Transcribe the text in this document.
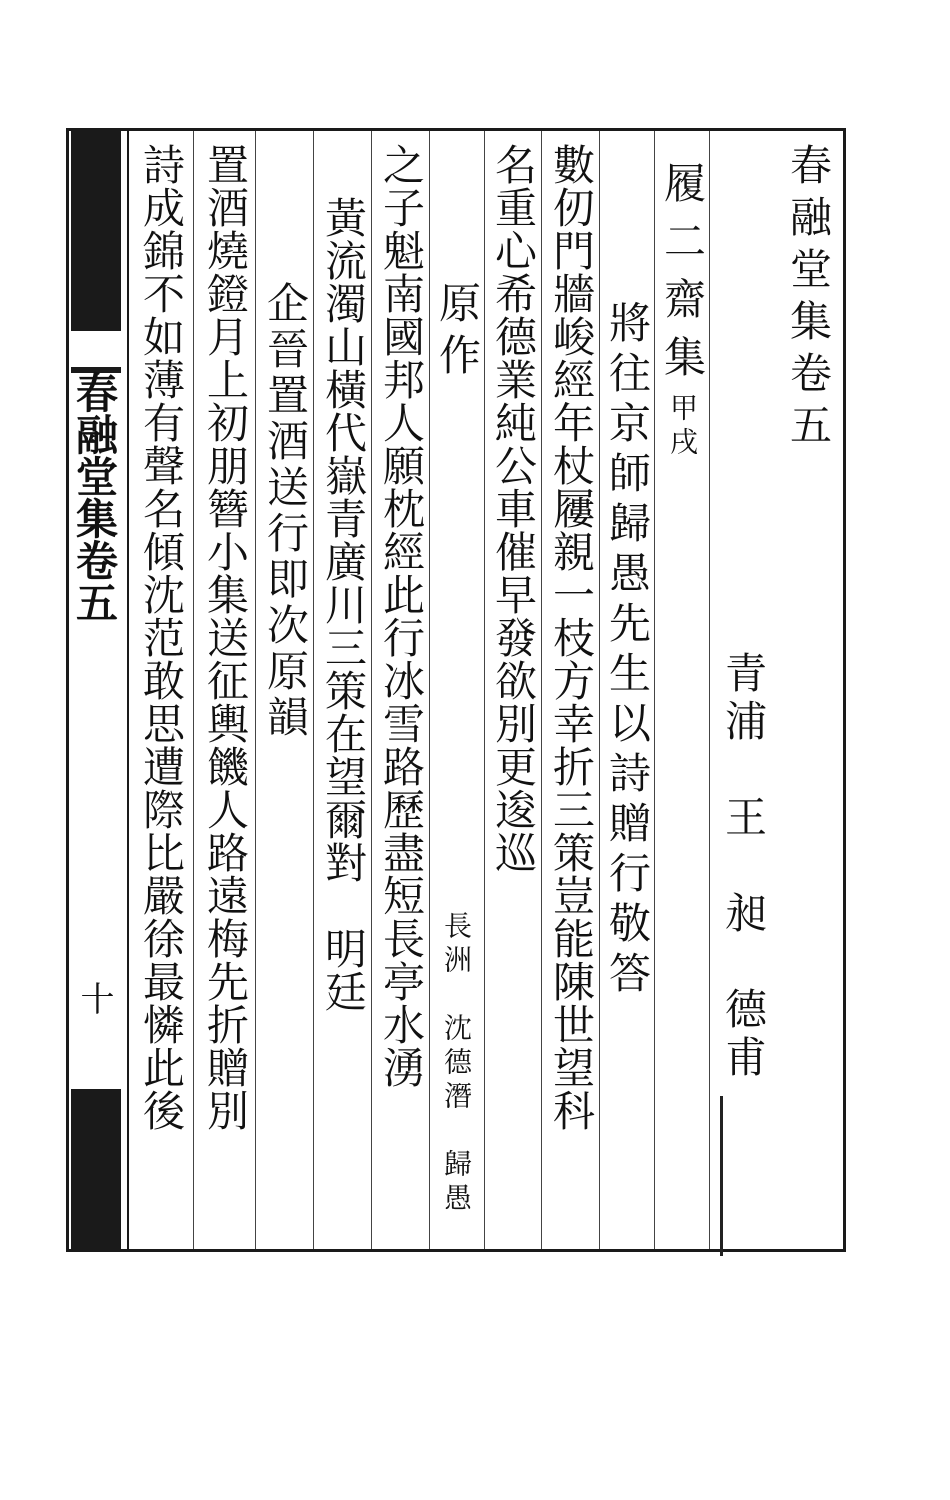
春融堂集卷五
青浦　王　昶　德甫
履二齋集甲戌
將往京師歸愚先生以詩贈行敬答
數仞門牆峻經年杖屨親一枝方幸折三策豈能陳世望科
名重心希德業純公車催早發欲別更逡巡
原作
長洲　沈德潛　歸愚
之子魁南國邦人願枕經此行冰雪路歷盡短長亭水湧
黃流濁山橫代嶽青廣川三策在望爾對　明廷
企晉置酒送行即次原韻
置酒燒鐙月上初朋簪小集送征輿饑人路遠梅先折贈別
詩成錦不如薄有聲名傾沈范敢思遭際比嚴徐最憐此後
春融堂集卷五
十
